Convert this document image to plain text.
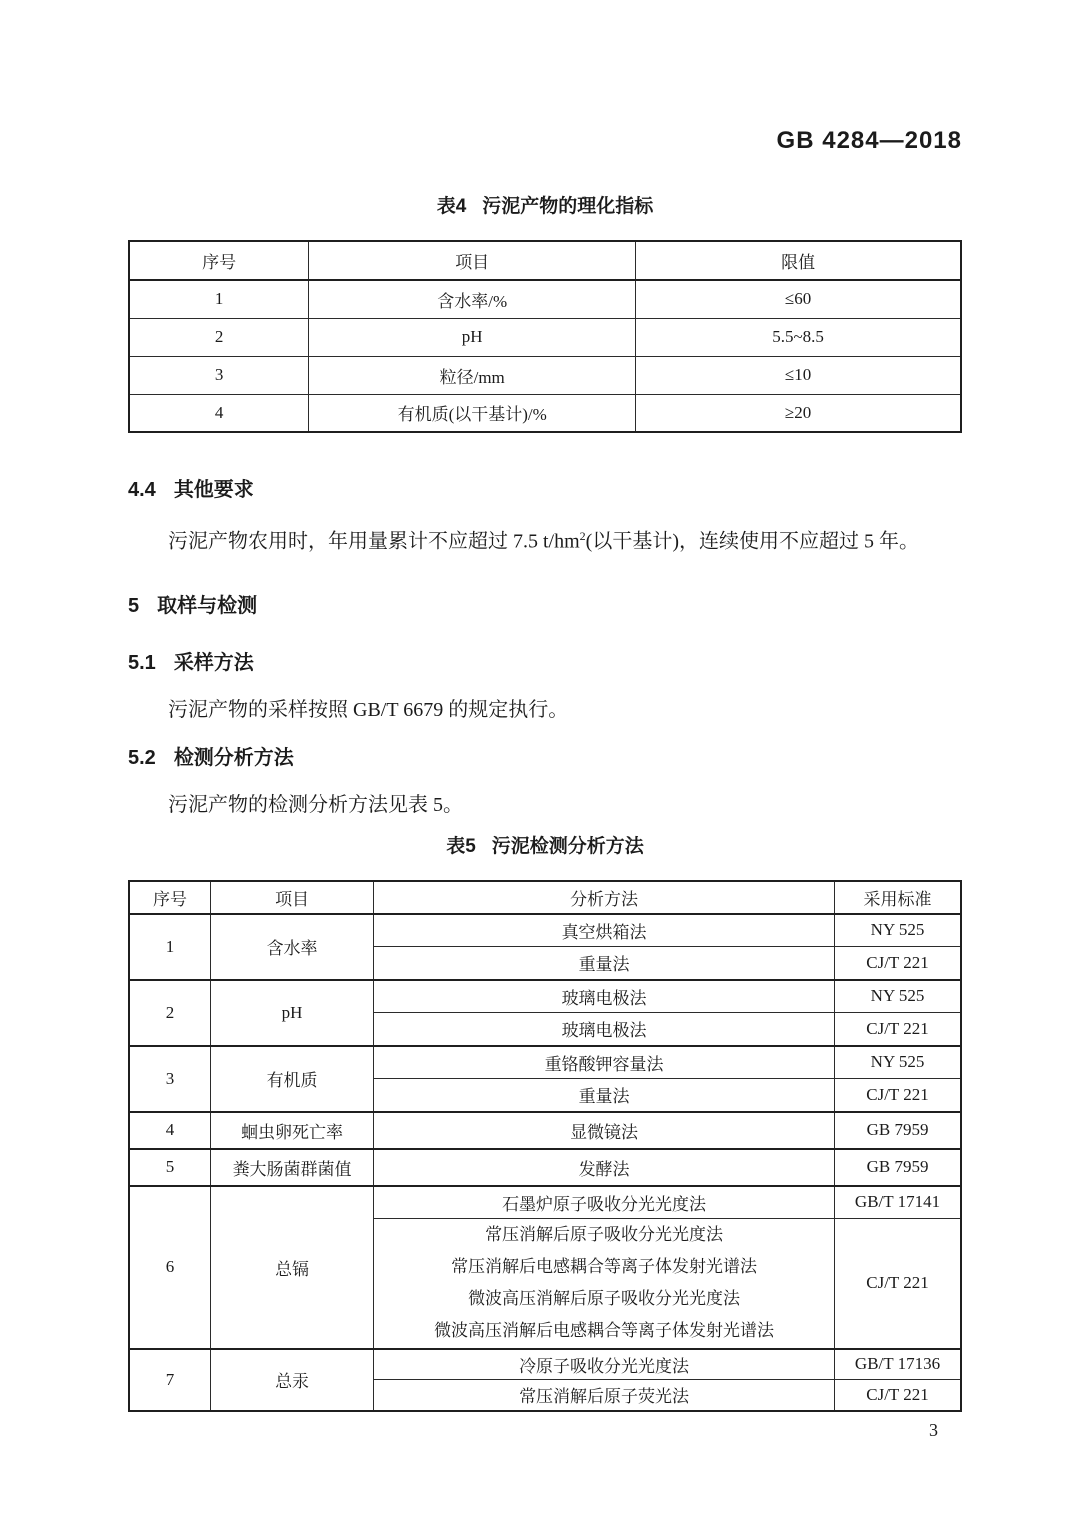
GB 4284—2018
表4 污泥产物的理化指标
序号	项目	限值
1	含水率/%	≤60
2	pH	5.5~8.5
3	粒径/mm	≤10
4	有机质(以干基计)/%	≥20
4.4 其他要求
污泥产物农用时，年用量累计不应超过 7.5 $t/hm^2$(以干基计)，连续使用不应超过 5 年。
5 取样与检测
5.1 采样方法
污泥产物的采样按照 GB/T 6679 的规定执行。
5.2 检测分析方法
污泥产物的检测分析方法见表 5。
表5 污泥检测分析方法
序号	项目	分析方法	采用标准
1	含水率	真空烘箱法	NY 525
		重量法	CJ/T 221
2	pH	玻璃电极法	NY 525
		玻璃电极法	CJ/T 221
3	有机质	重铬酸钾容量法	NY 525
		重量法	CJ/T 221
4	蛔虫卵死亡率	显微镜法	GB 7959
5	粪大肠菌群菌值	发酵法	GB 7959
6	总镉	石墨炉原子吸收分光光度法	GB/T 17141

		常压消解后原子吸收分光光度法
常压消解后电感耦合等离子体发射光谱法
微波高压消解后原子吸收分光光度法
微波高压消解后电感耦合等离子体发射光谱法	CJ/T 221
7	总汞	冷原子吸收分光光度法	GB/T 17136
		常压消解后原子荧光法	CJ/T 221
3
